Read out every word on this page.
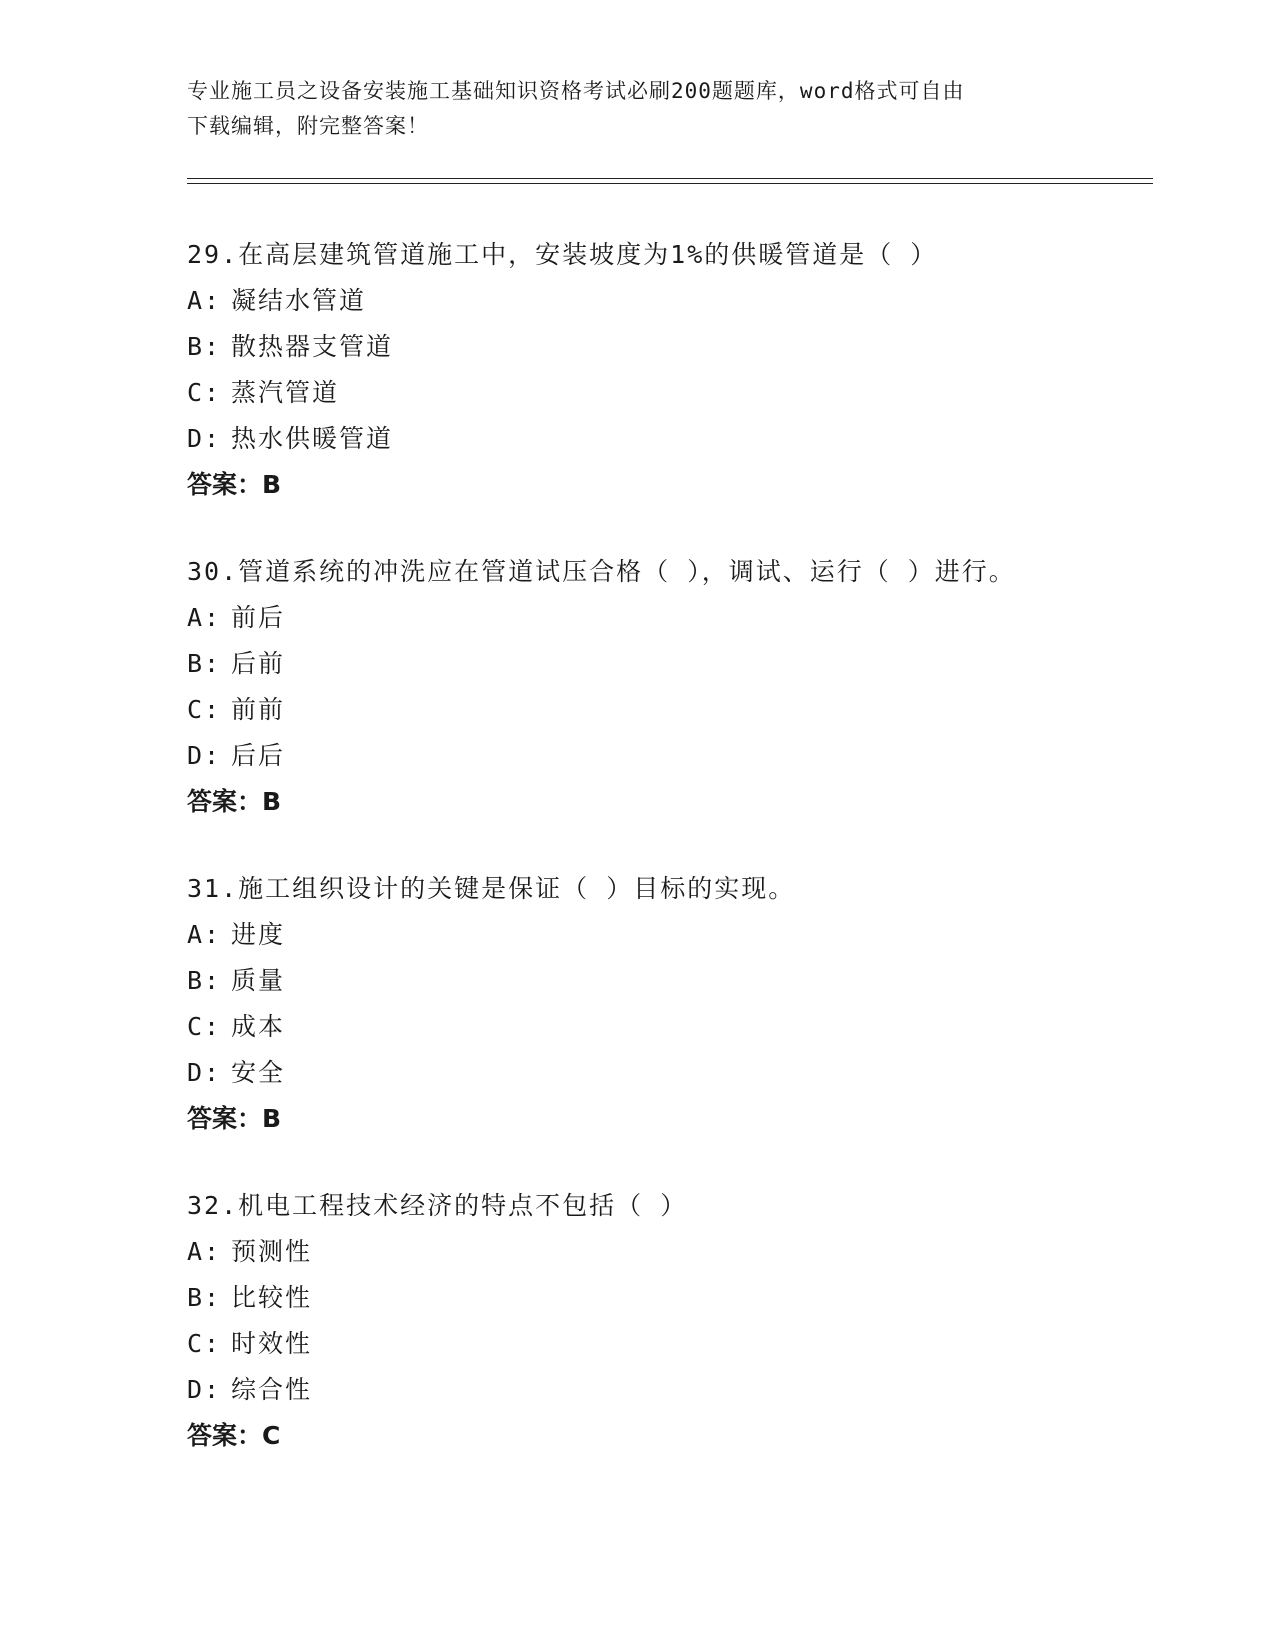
专业施工员之设备安装施工基础知识资格考试必刷200题题库，word格式可自由
下载编辑，附完整答案！
29.在高层建筑管道施工中，安装坡度为1%的供暖管道是（ ）
A: 凝结水管道
B: 散热器支管道
C: 蒸汽管道
D: 热水供暖管道
答案：B
30.管道系统的冲洗应在管道试压合格（ ），调试、运行（ ）进行。
A: 前后
B: 后前
C: 前前
D: 后后
答案：B
31.施工组织设计的关键是保证（ ）目标的实现。
A: 进度
B: 质量
C: 成本
D: 安全
答案：B
32.机电工程技术经济的特点不包括（ ）
A: 预测性
B: 比较性
C: 时效性
D: 综合性
答案：C
